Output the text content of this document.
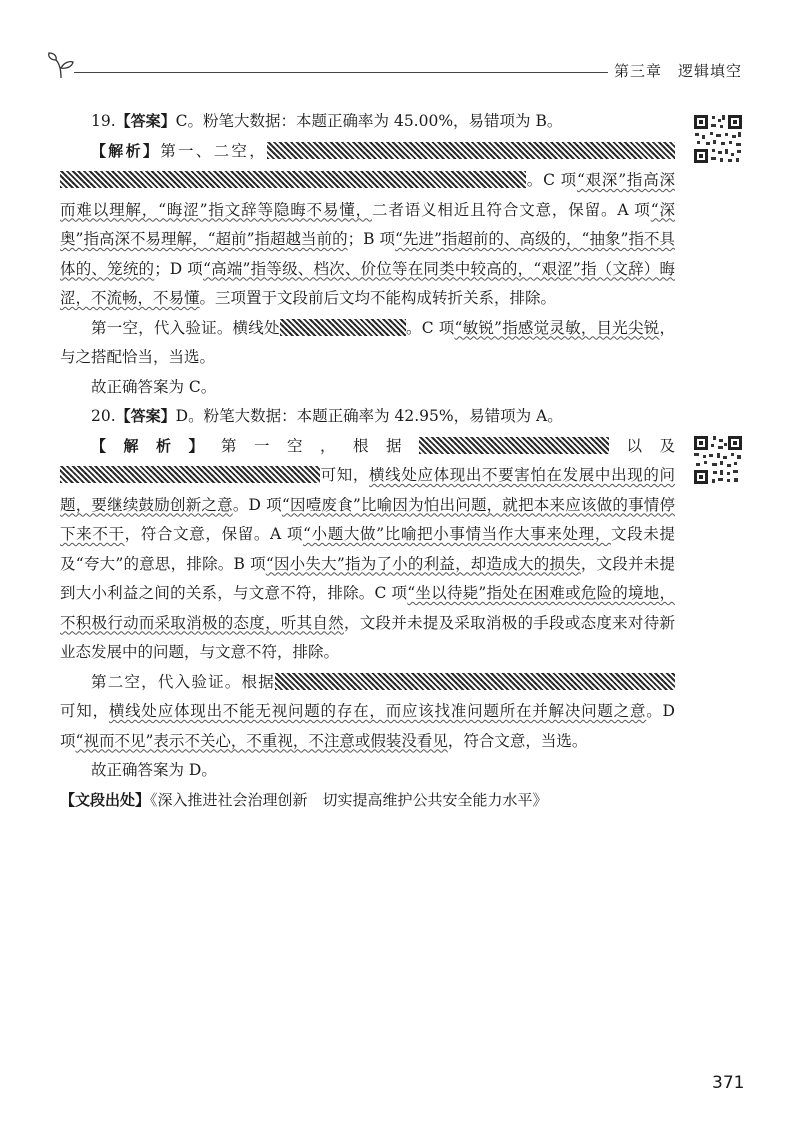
第三章 逻辑填空

19.【答案】C。粉笔大数据：本题正确率为 45.00%，易错项为 B。

【解析】第一、二空，。C 项“艰深”指高深而难以理解，“晦涩”指文辞等隐晦不易懂，二者语义相近且符合文意，保留。A 项“深奥”指高深不易理解，“超前”指超越当前的；B 项“先进”指超前的、高级的，“抽象”指不具体的、笼统的；D 项“高端”指等级、档次、价位等在同类中较高的，“艰涩”指（文辞）晦涩，不流畅，不易懂。三项置于文段前后文均不能构成转折关系，排除。

第一空，代入验证。横线处	。C 项“敏锐”指感觉灵敏，目光尖锐，与之搭配恰当，当选。

故正确答案为 C。

20.【答案】D。粉笔大数据：本题正确率为 42.95%，易错项为 A。

【解析】第一空，根据	以及可知，横线处应体现出不要害怕在发展中出现的问题，要继续鼓励创新之意。D 项“因噎废食”比喻因为怕出问题，就把本来应该做的事情停下来不干，符合文意，保留。A 项“小题大做”比喻把小事情当作大事来处理，文段未提及“夸大”的意思，排除。B 项“因小失大”指为了小的利益，却造成大的损失，文段并未提到大小利益之间的关系，与文意不符，排除。C 项“坐以待毙”指处在困难或危险的境地，不积极行动而采取消极的态度，听其自然，文段并未提及采取消极的手段或态度来对待新业态发展中的问题，与文意不符，排除。

第二空，代入验证。根据可知，横线处应体现出不能无视问题的存在，而应该找准问题所在并解决问题之意。D 项“视而不见”表示不关心，不重视，不注意或假装没看见，符合文意，当选。

故正确答案为 D。

【文段出处】《深入推进社会治理创新　切实提高维护公共安全能力水平》

371
